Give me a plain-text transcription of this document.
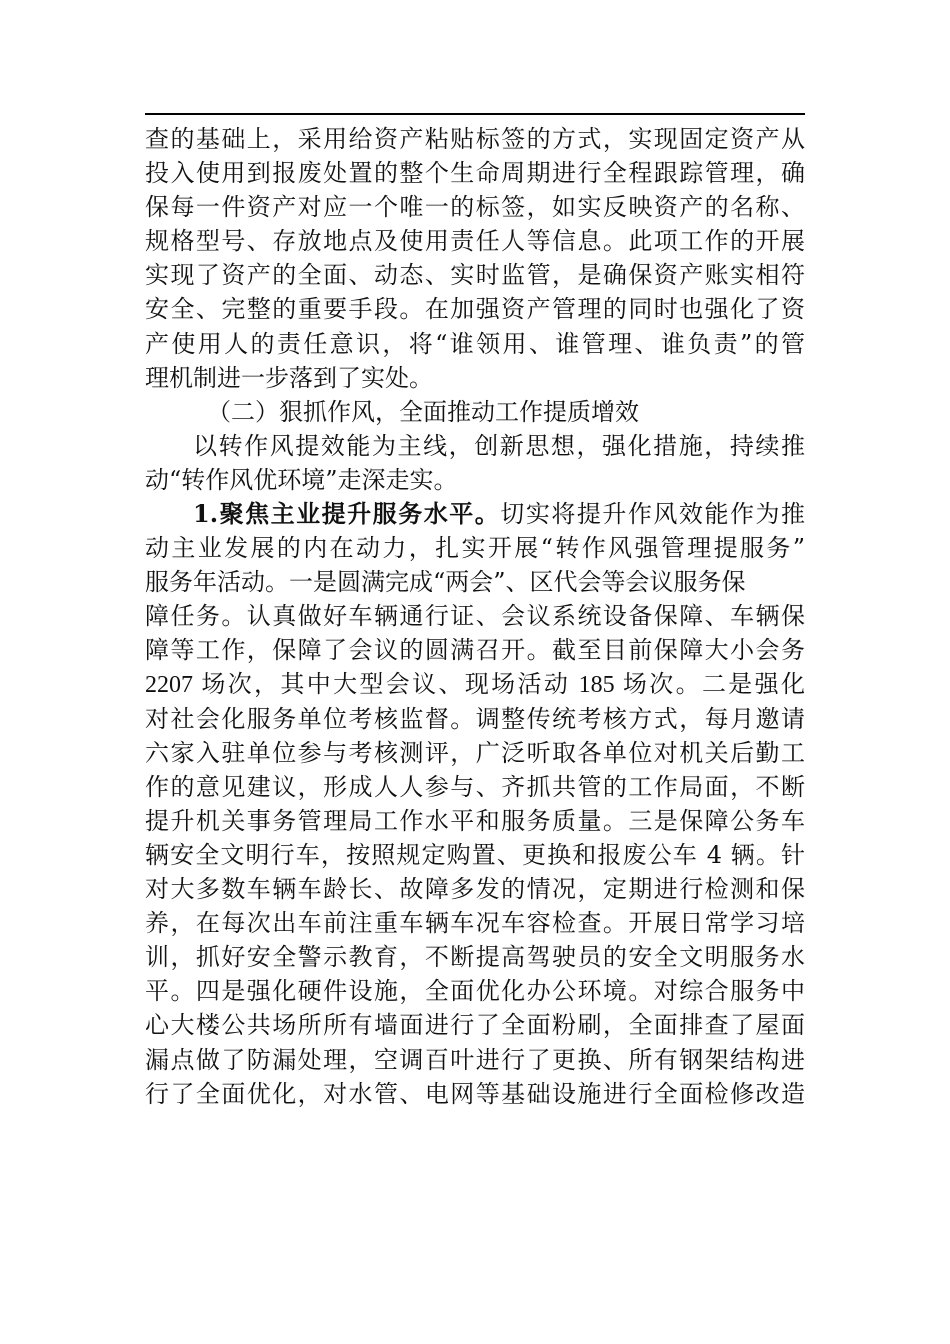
查的基础上，采用给资产粘贴标签的方式，实现固定资产从
投入使用到报废处置的整个生命周期进行全程跟踪管理，确
保每一件资产对应一个唯一的标签，如实反映资产的名称、
规格型号、存放地点及使用责任人等信息。此项工作的开展
实现了资产的全面、动态、实时监管，是确保资产账实相符
安全、完整的重要手段。在加强资产管理的同时也强化了资
产使用人的责任意识，将“谁领用、谁管理、谁负责”的管
理机制进一步落到了实处。
（二）狠抓作风，全面推动工作提质增效
以转作风提效能为主线，创新思想，强化措施，持续推
动“转作风优环境”走深走实。
1.聚焦主业提升服务水平。切实将提升作风效能作为推
动主业发展的内在动力，扎实开展“转作风强管理提服务”
服务年活动。一是圆满完成“两会”、区代会等会议服务保
障任务。认真做好车辆通行证、会议系统设备保障、车辆保
障等工作，保障了会议的圆满召开。截至目前保障大小会务
2207 场次，其中大型会议、现场活动 185 场次。二是强化
对社会化服务单位考核监督。调整传统考核方式，每月邀请
六家入驻单位参与考核测评，广泛听取各单位对机关后勤工
作的意见建议，形成人人参与、齐抓共管的工作局面，不断
提升机关事务管理局工作水平和服务质量。三是保障公务车
辆安全文明行车，按照规定购置、更换和报废公车 4 辆。针
对大多数车辆车龄长、故障多发的情况，定期进行检测和保
养，在每次出车前注重车辆车况车容检查。开展日常学习培
训，抓好安全警示教育，不断提高驾驶员的安全文明服务水
平。四是强化硬件设施，全面优化办公环境。对综合服务中
心大楼公共场所所有墙面进行了全面粉刷，全面排查了屋面
漏点做了防漏处理，空调百叶进行了更换、所有钢架结构进
行了全面优化，对水管、电网等基础设施进行全面检修改造
